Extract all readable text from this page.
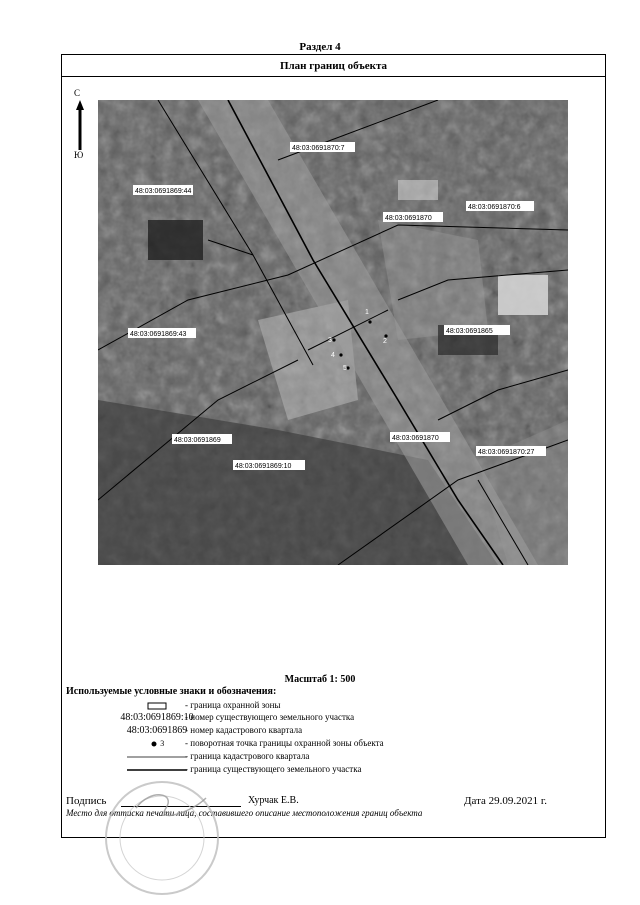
Раздел 4
План границ объекта
С
Ю
48:03:0691869:44
48:03:0691870:7
48:03:0691870
48:03:0691870:6
48:03:0691869:43	48:03:0691865
48:03:0691869
48:03:0691869:10
48:03:0691870
48:03:0691870:27
1
2
3
4
5
Масштаб 1: 500
Используемые условные знаки и обозначения:
- граница охранной зоны
48:03:0691869:10
- номер существующего земельного участка
48:03:0691869
- номер кадастрового квартала
3	- поворотная точка границы охранной зоны объекта
- граница кадастрового квартала
- граница существующего земельного участка
Подпись	Хурчак Е.В.	Дата 29.09.2021 г.
Место для оттиска печати лица, составившего описание местоположения границ объекта
